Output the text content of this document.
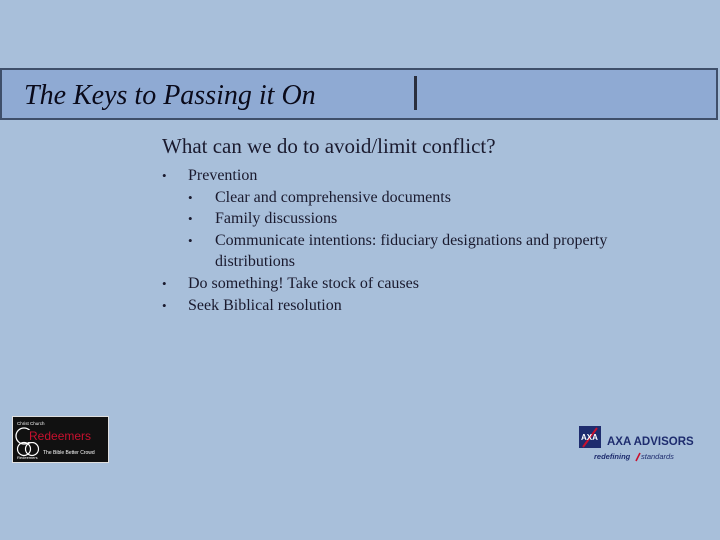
The Keys to Passing it On
What can we do to avoid/limit conflict?
• Prevention
• Clear and comprehensive documents
• Family discussions
• Communicate intentions: fiduciary designations and property distributions
• Do something! Take stock of causes
• Seek Biblical resolution
Christ Church
Redeemers
The Bible Better Crowd
Redeemers
AXA AXA ADVISORS
redefining standards
